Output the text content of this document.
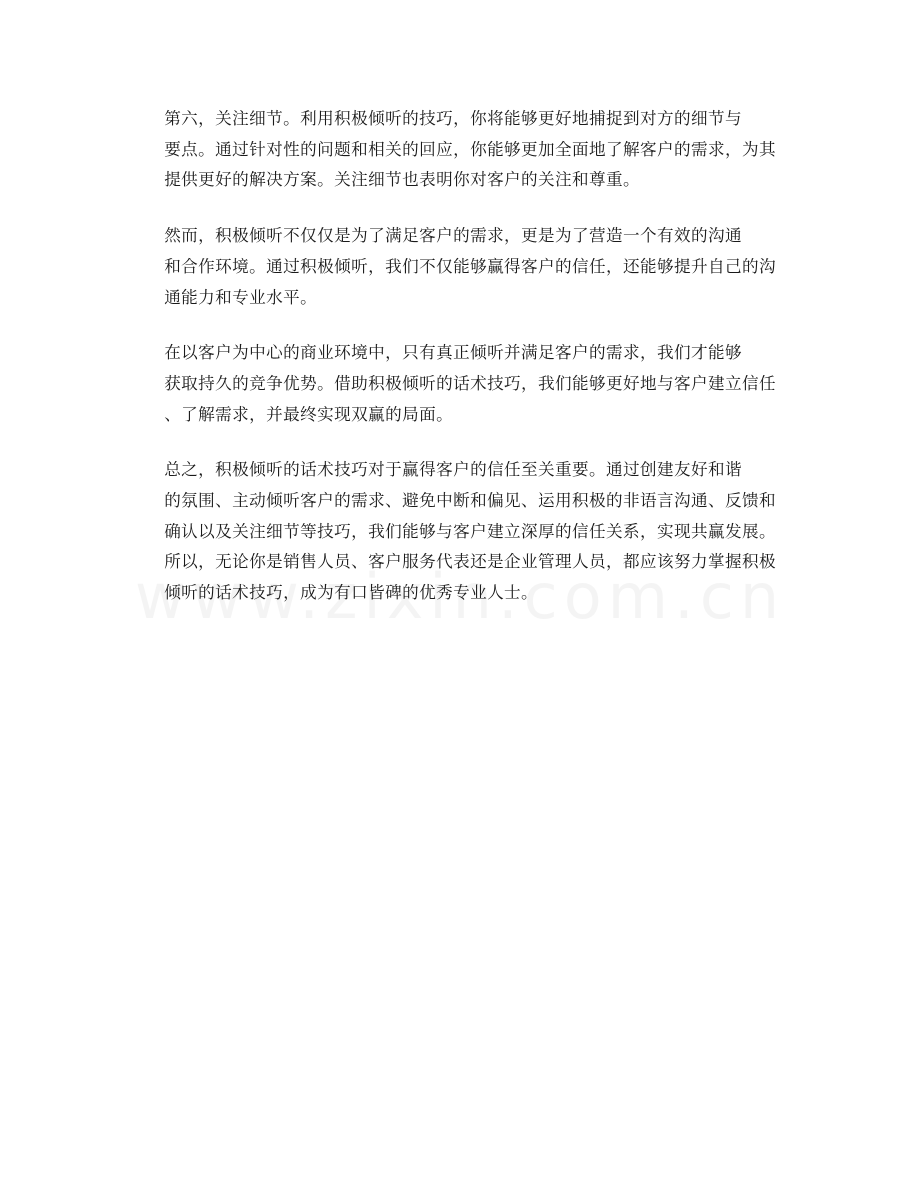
第六，关注细节。利用积极倾听的技巧，你将能够更好地捕捉到对方的细节与
要点。通过针对性的问题和相关的回应，你能够更加全面地了解客户的需求，为其
提供更好的解决方案。关注细节也表明你对客户的关注和尊重。

然而，积极倾听不仅仅是为了满足客户的需求，更是为了营造一个有效的沟通
和合作环境。通过积极倾听，我们不仅能够赢得客户的信任，还能够提升自己的沟
通能力和专业水平。

在以客户为中心的商业环境中，只有真正倾听并满足客户的需求，我们才能够
获取持久的竞争优势。借助积极倾听的话术技巧，我们能够更好地与客户建立信任
、了解需求，并最终实现双赢的局面。

总之，积极倾听的话术技巧对于赢得客户的信任至关重要。通过创建友好和谐
的氛围、主动倾听客户的需求、避免中断和偏见、运用积极的非语言沟通、反馈和
确认以及关注细节等技巧，我们能够与客户建立深厚的信任关系，实现共赢发展。
所以，无论你是销售人员、客户服务代表还是企业管理人员，都应该努力掌握积极
倾听的话术技巧，成为有口皆碑的优秀专业人士。
